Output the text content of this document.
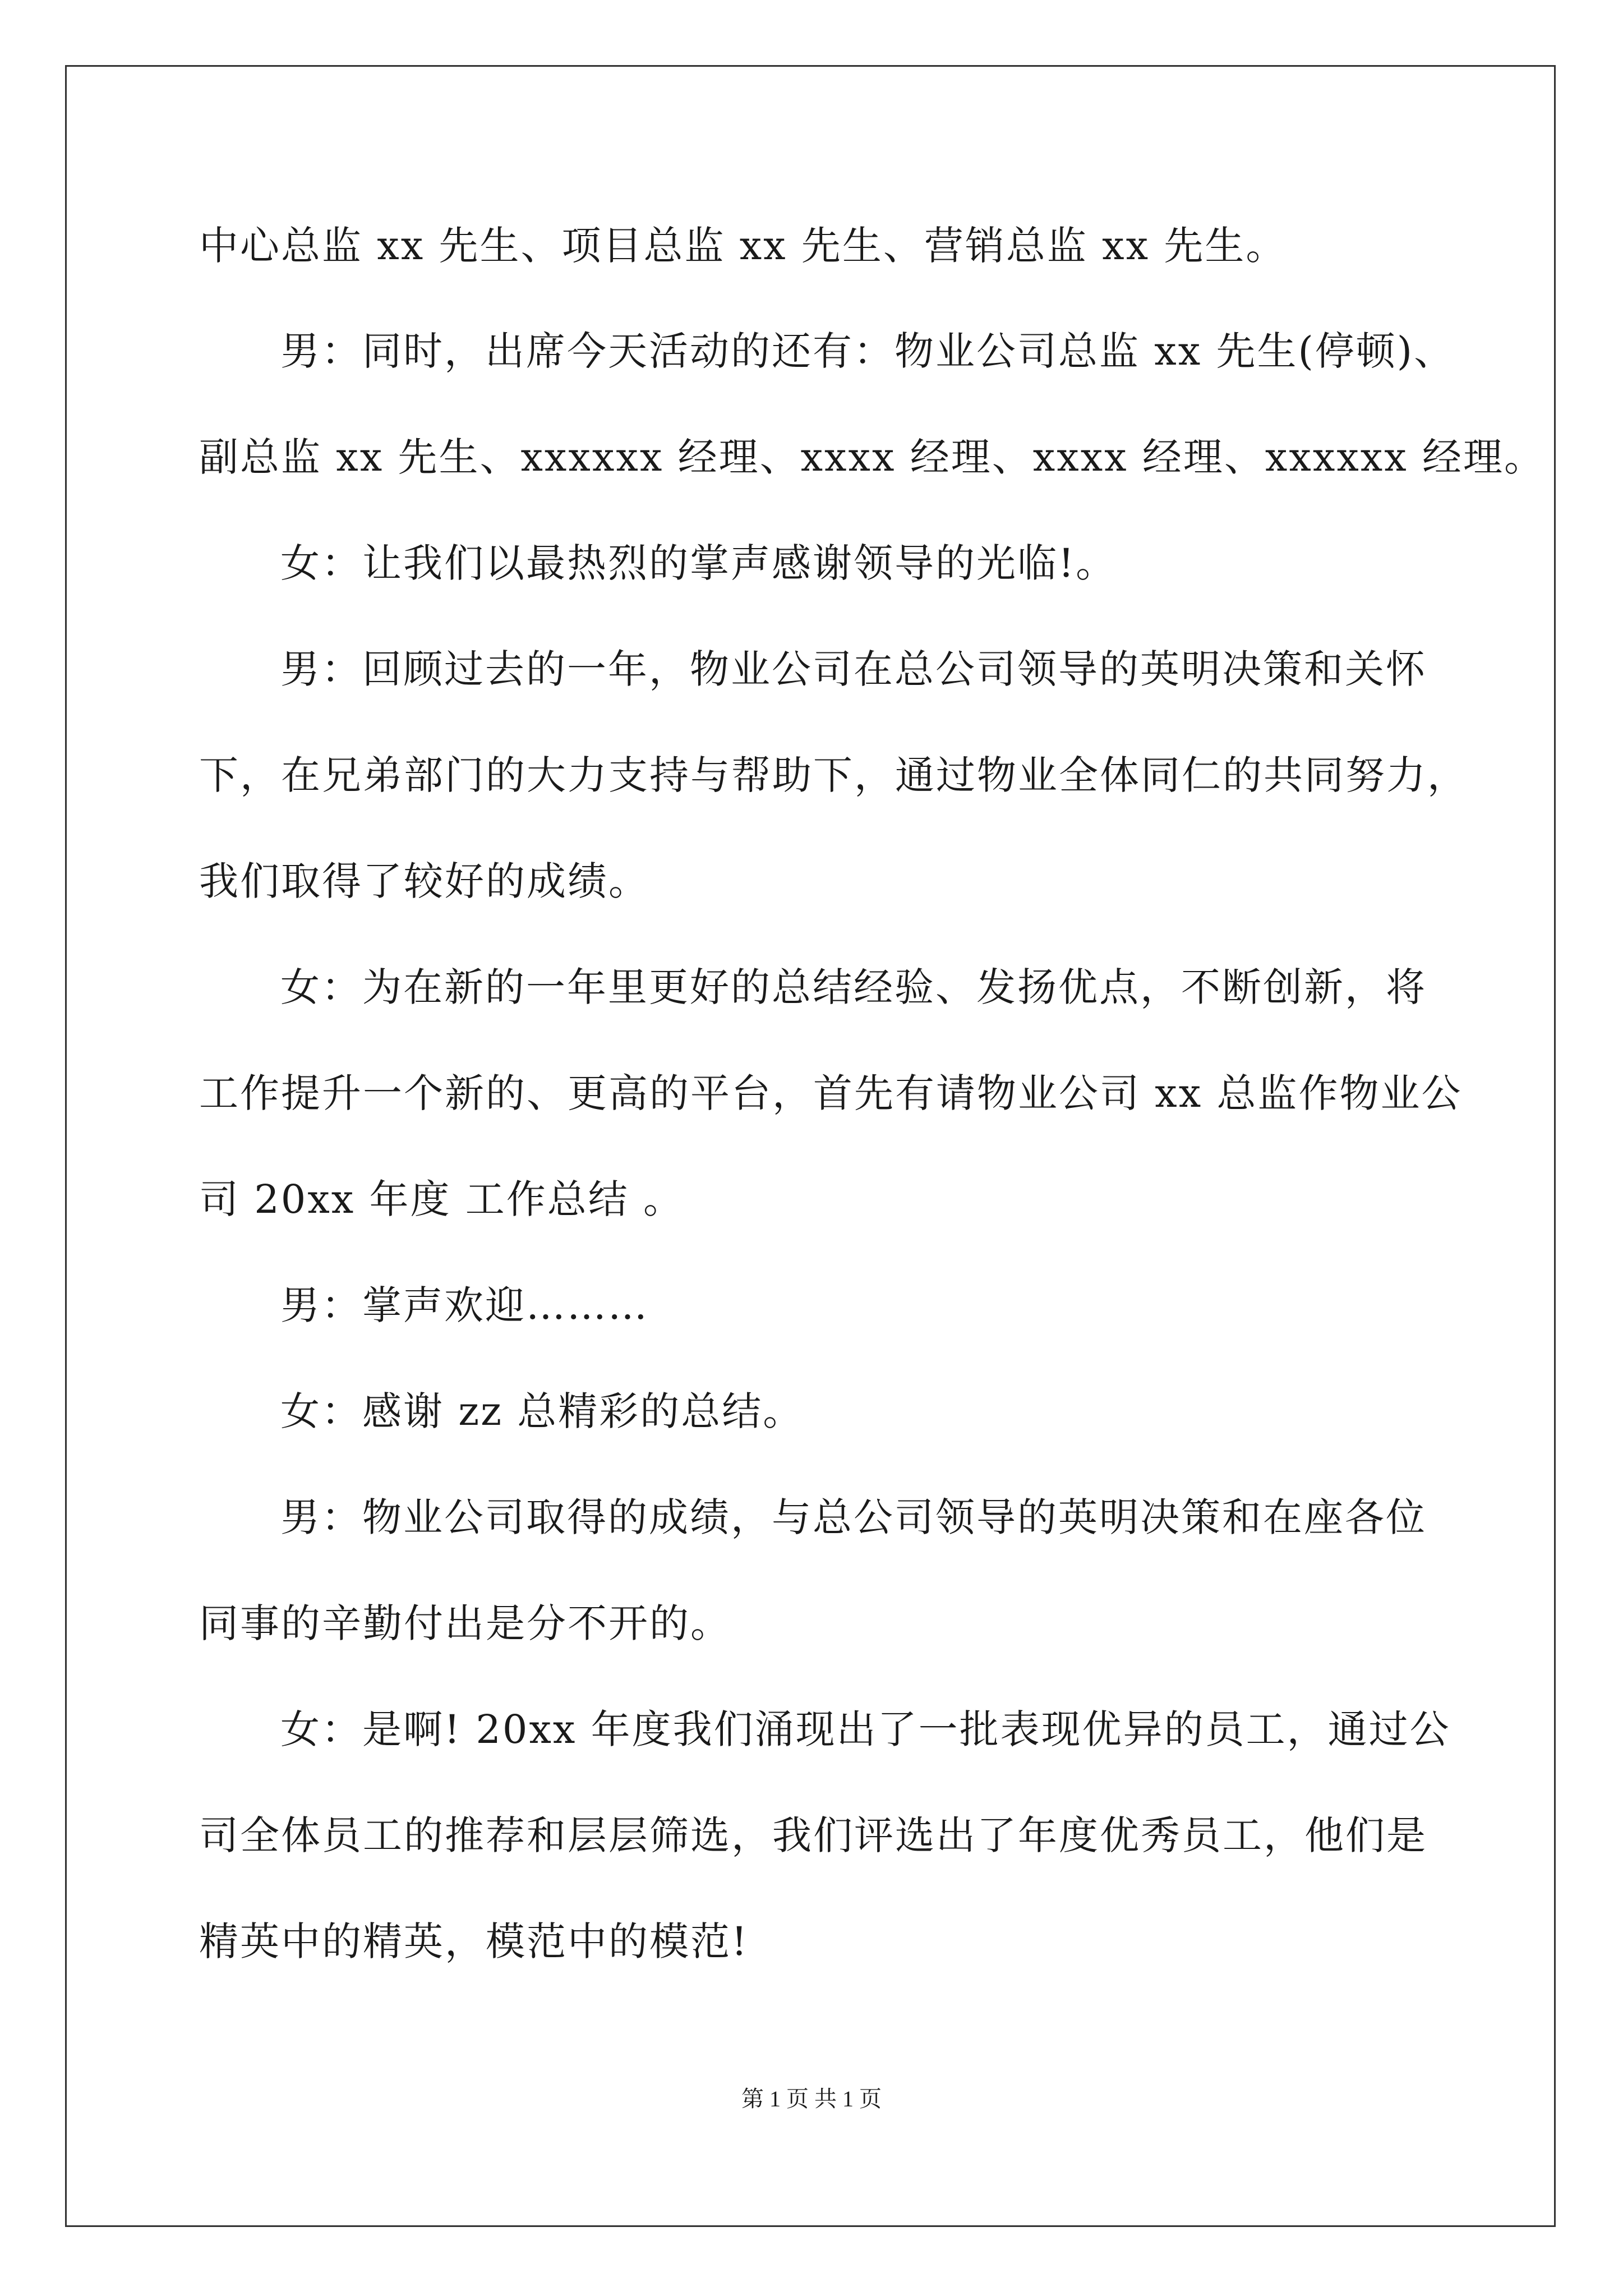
中心总监 xx 先生、项目总监 xx 先生、营销总监 xx 先生。
男：同时，出席今天活动的还有：物业公司总监 xx 先生(停顿)、
副总监 xx 先生、xxxxxx 经理、xxxx 经理、xxxx 经理、xxxxxx 经理。
女：让我们以最热烈的掌声感谢领导的光临!。
男：回顾过去的一年，物业公司在总公司领导的英明决策和关怀
下，在兄弟部门的大力支持与帮助下，通过物业全体同仁的共同努力，
我们取得了较好的成绩。
女：为在新的一年里更好的总结经验、发扬优点，不断创新，将
工作提升一个新的、更高的平台，首先有请物业公司 xx 总监作物业公
司 20xx 年度 工作总结 。
男：掌声欢迎………
女：感谢 zz 总精彩的总结。
男：物业公司取得的成绩，与总公司领导的英明决策和在座各位
同事的辛勤付出是分不开的。
女：是啊! 20xx 年度我们涌现出了一批表现优异的员工，通过公
司全体员工的推荐和层层筛选，我们评选出了年度优秀员工，他们是
精英中的精英，模范中的模范!
第 1 页 共 1 页
